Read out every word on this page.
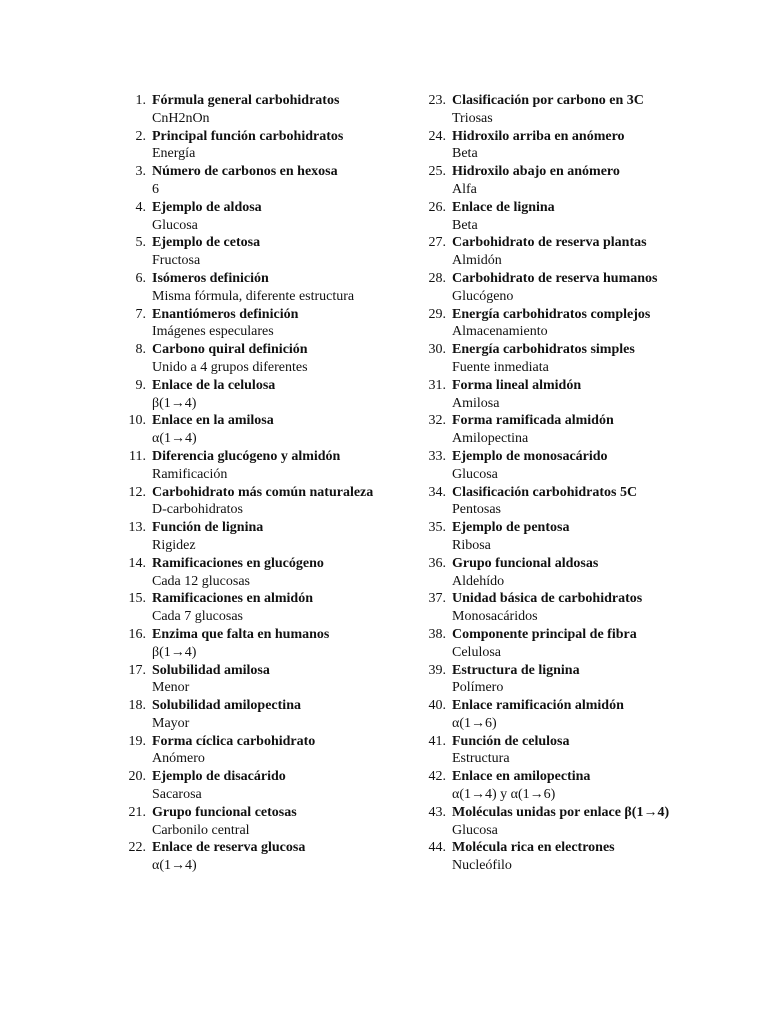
1. Fórmula general carbohidratos
CnH2nOn
2. Principal función carbohidratos
Energía
3. Número de carbonos en hexosa
6
4. Ejemplo de aldosa
Glucosa
5. Ejemplo de cetosa
Fructosa
6. Isómeros definición
Misma fórmula, diferente estructura
7. Enantiómeros definición
Imágenes especulares
8. Carbono quiral definición
Unido a 4 grupos diferentes
9. Enlace de la celulosa
β(1→4)
10. Enlace en la amilosa
α(1→4)
11. Diferencia glucógeno y almidón
Ramificación
12. Carbohidrato más común naturaleza
D-carbohidratos
13. Función de lignina
Rigidez
14. Ramificaciones en glucógeno
Cada 12 glucosas
15. Ramificaciones en almidón
Cada 7 glucosas
16. Enzima que falta en humanos
β(1→4)
17. Solubilidad amilosa
Menor
18. Solubilidad amilopectina
Mayor
19. Forma cíclica carbohidrato
Anómero
20. Ejemplo de disacárido
Sacarosa
21. Grupo funcional cetosas
Carbonilo central
22. Enlace de reserva glucosa
α(1→4)
23. Clasificación por carbono en 3C
Triosas
24. Hidroxilo arriba en anómero
Beta
25. Hidroxilo abajo en anómero
Alfa
26. Enlace de lignina
Beta
27. Carbohidrato de reserva plantas
Almidón
28. Carbohidrato de reserva humanos
Glucógeno
29. Energía carbohidratos complejos
Almacenamiento
30. Energía carbohidratos simples
Fuente inmediata
31. Forma lineal almidón
Amilosa
32. Forma ramificada almidón
Amilopectina
33. Ejemplo de monosacárido
Glucosa
34. Clasificación carbohidratos 5C
Pentosas
35. Ejemplo de pentosa
Ribosa
36. Grupo funcional aldosas
Aldehído
37. Unidad básica de carbohidratos
Monosacáridos
38. Componente principal de fibra
Celulosa
39. Estructura de lignina
Polímero
40. Enlace ramificación almidón
α(1→6)
41. Función de celulosa
Estructura
42. Enlace en amilopectina
α(1→4) y α(1→6)
43. Moléculas unidas por enlace β(1→4)
Glucosa
44. Molécula rica en electrones
Nucleófilo
